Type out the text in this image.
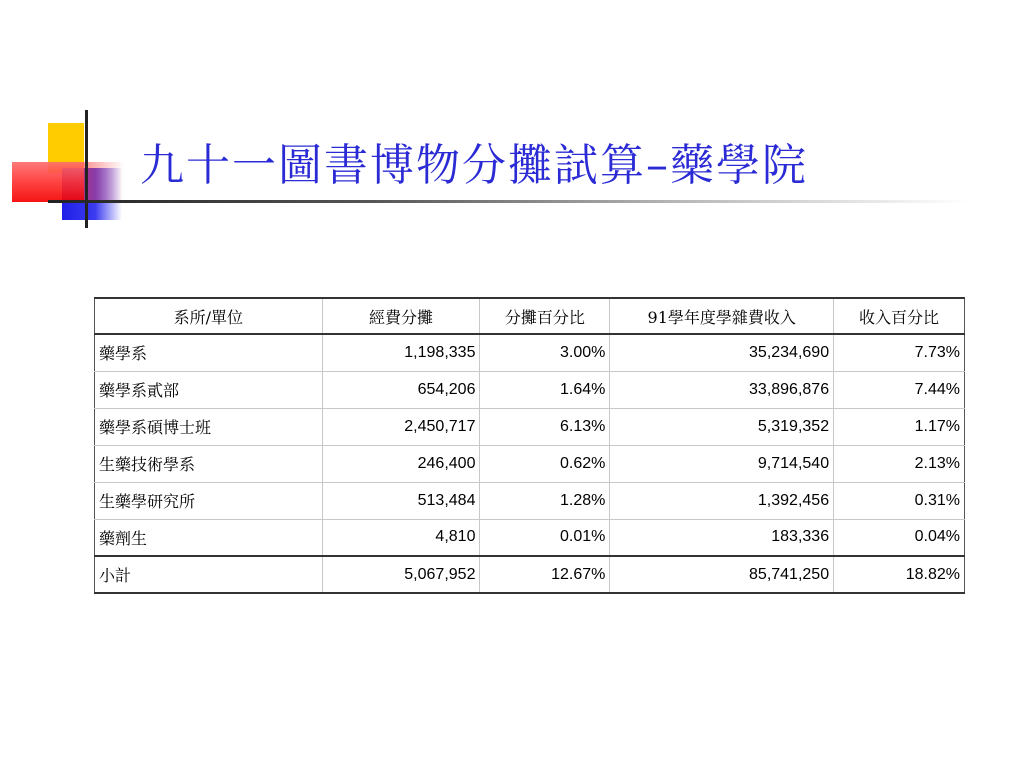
九十一圖書博物分攤試算–藥學院
系所/單位	經費分攤	分攤百分比	91學年度學雜費收入	收入百分比
藥學系	1,198,335	3.00%	35,234,690	7.73%
藥學系貳部	654,206	1.64%	33,896,876	7.44%
藥學系碩博士班	2,450,717	6.13%	5,319,352	1.17%
生藥技術學系	246,400	0.62%	9,714,540	2.13%
生藥學研究所	513,484	1.28%	1,392,456	0.31%
藥劑生	4,810	0.01%	183,336	0.04%
小計	5,067,952	12.67%	85,741,250	18.82%
